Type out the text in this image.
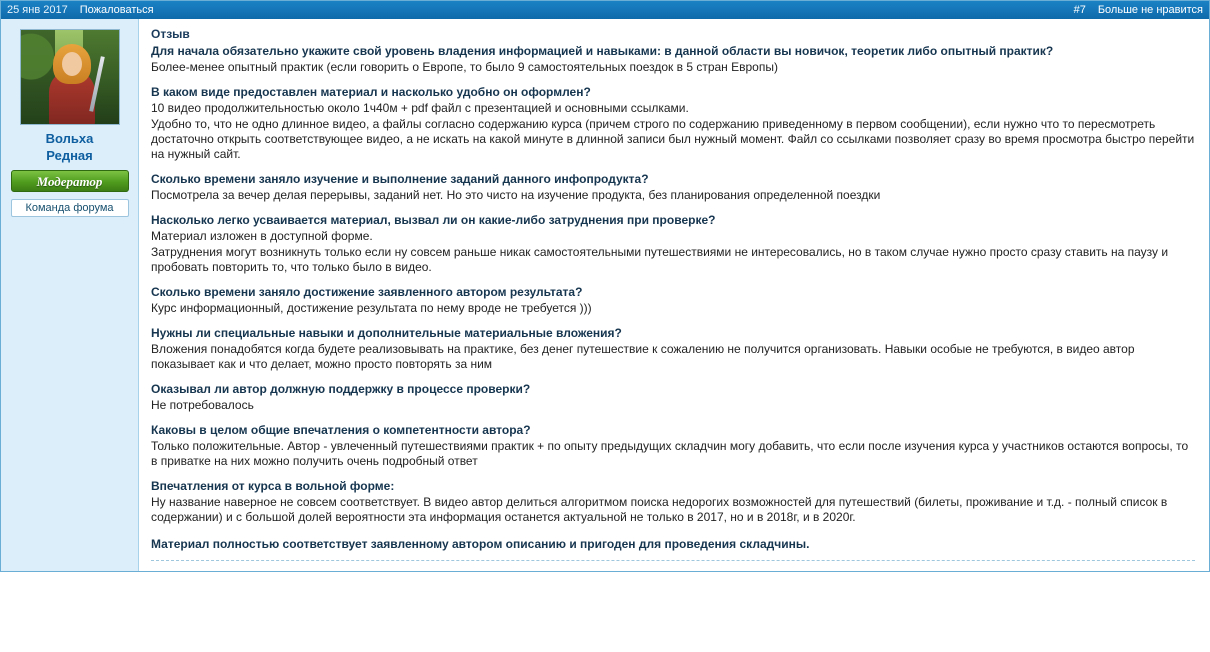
25 янв 2017 Пожаловаться	#7 Больше не нравится
Вольха
Редная
Модератор
Команда форума
Отзыв
Для начала обязательно укажите свой уровень владения информацией и навыками: в данной области вы новичок, теоретик либо опытный практик?
Более-менее опытный практик (если говорить о Европе, то было 9 самостоятельных поездок в 5 стран Европы)
В каком виде предоставлен материал и насколько удобно он оформлен?
10 видео продолжительностью около 1ч40м + pdf файл с презентацией и основными ссылками.
Удобно то, что не одно длинное видео, а файлы согласно содержанию курса (причем строго по содержанию приведенному в первом сообщении), если нужно что то пересмотреть достаточно открыть соответствующее видео, а не искать на какой минуте в длинной записи был нужный момент. Файл со ссылками позволяет сразу во время просмотра быстро перейти на нужный сайт.
Сколько времени заняло изучение и выполнение заданий данного инфопродукта?
Посмотрела за вечер делая перерывы, заданий нет. Но это чисто на изучение продукта, без планирования определенной поездки
Насколько легко усваивается материал, вызвал ли он какие-либо затруднения при проверке?
Материал изложен в доступной форме.
Затруднения могут возникнуть только если ну совсем раньше никак самостоятельными путешествиями не интересовались, но в таком случае нужно просто сразу ставить на паузу и пробовать повторить то, что только было в видео.
Сколько времени заняло достижение заявленного автором результата?
Курс информационный, достижение результата по нему вроде не требуется )))
Нужны ли специальные навыки и дополнительные материальные вложения?
Вложения понадобятся когда будете реализовывать на практике, без денег путешествие к сожалению не получится организовать. Навыки особые не требуются, в видео автор показывает как и что делает, можно просто повторять за ним
Оказывал ли автор должную поддержку в процессе проверки?
Не потребовалось
Каковы в целом общие впечатления о компетентности автора?
Только положительные. Автор - увлеченный путешествиями практик + по опыту предыдущих складчин могу добавить, что если после изучения курса у участников остаются вопросы, то в приватке на них можно получить очень подробный ответ
Впечатления от курса в вольной форме:
Ну название наверное не совсем соответствует. В видео автор делиться алгоритмом поиска недорогих возможностей для путешествий (билеты, проживание и т.д. - полный список в содержании) и с большой долей вероятности эта информация останется актуальной не только в 2017, но и в 2018г, и в 2020г.
Материал полностью соответствует заявленному автором описанию и пригоден для проведения складчины.
